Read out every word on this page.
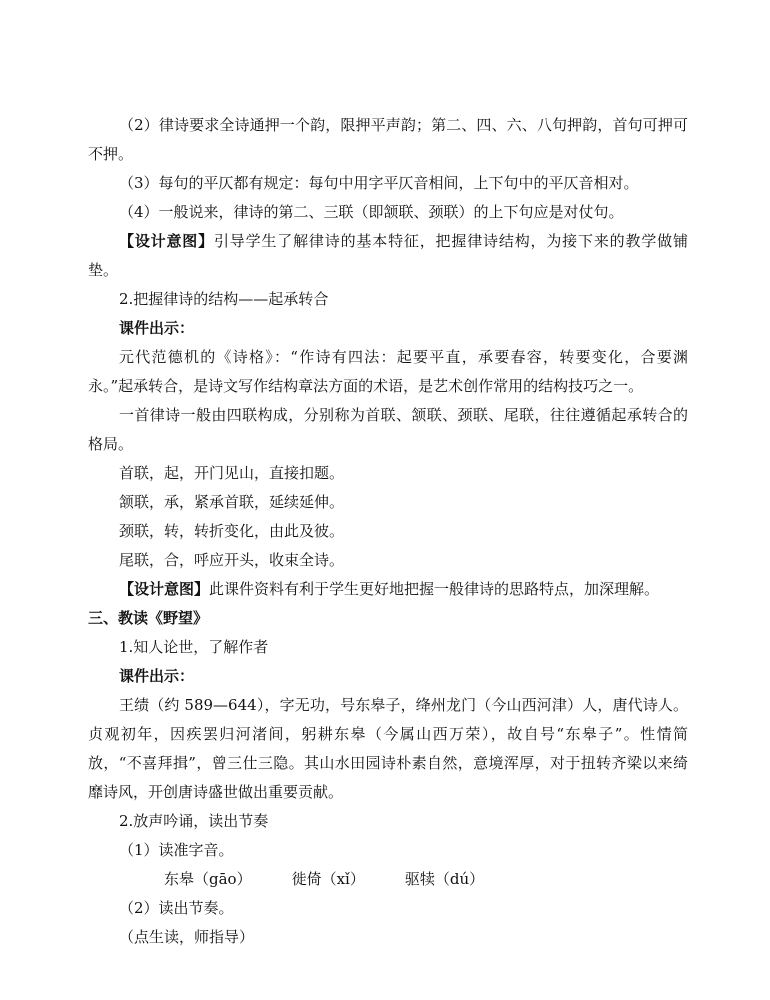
（2）律诗要求全诗通押一个韵，限押平声韵；第二、四、六、八句押韵，首句可押可不押。

（3）每句的平仄都有规定：每句中用字平仄音相间，上下句中的平仄音相对。

（4）一般说来，律诗的第二、三联（即颔联、颈联）的上下句应是对仗句。

【设计意图】引导学生了解律诗的基本特征，把握律诗结构，为接下来的教学做铺垫。

2.把握律诗的结构——起承转合

课件出示：

元代范德机的《诗格》：“作诗有四法：起要平直，承要春容，转要变化，合要渊永。”起承转合，是诗文写作结构章法方面的术语，是艺术创作常用的结构技巧之一。

一首律诗一般由四联构成，分别称为首联、颔联、颈联、尾联，往往遵循起承转合的格局。

首联，起，开门见山，直接扣题。

颔联，承，紧承首联，延续延伸。

颈联，转，转折变化，由此及彼。

尾联，合，呼应开头，收束全诗。

【设计意图】此课件资料有利于学生更好地把握一般律诗的思路特点，加深理解。

三、教读《野望》

1.知人论世，了解作者

课件出示：

王绩（约 589—644），字无功，号东皋子，绛州龙门（今山西河津）人，唐代诗人。贞观初年，因疾罢归河渚间，躬耕东皋（今属山西万荣），故自号“东皋子”。性情简放，“不喜拜揖”，曾三仕三隐。其山水田园诗朴素自然，意境浑厚，对于扭转齐梁以来绮靡诗风，开创唐诗盛世做出重要贡献。

2.放声吟诵，读出节奏

（1）读准字音。

东皋（gāo）	徙倚（xǐ）	驱犊（dú）

（2）读出节奏。

（点生读，师指导）
